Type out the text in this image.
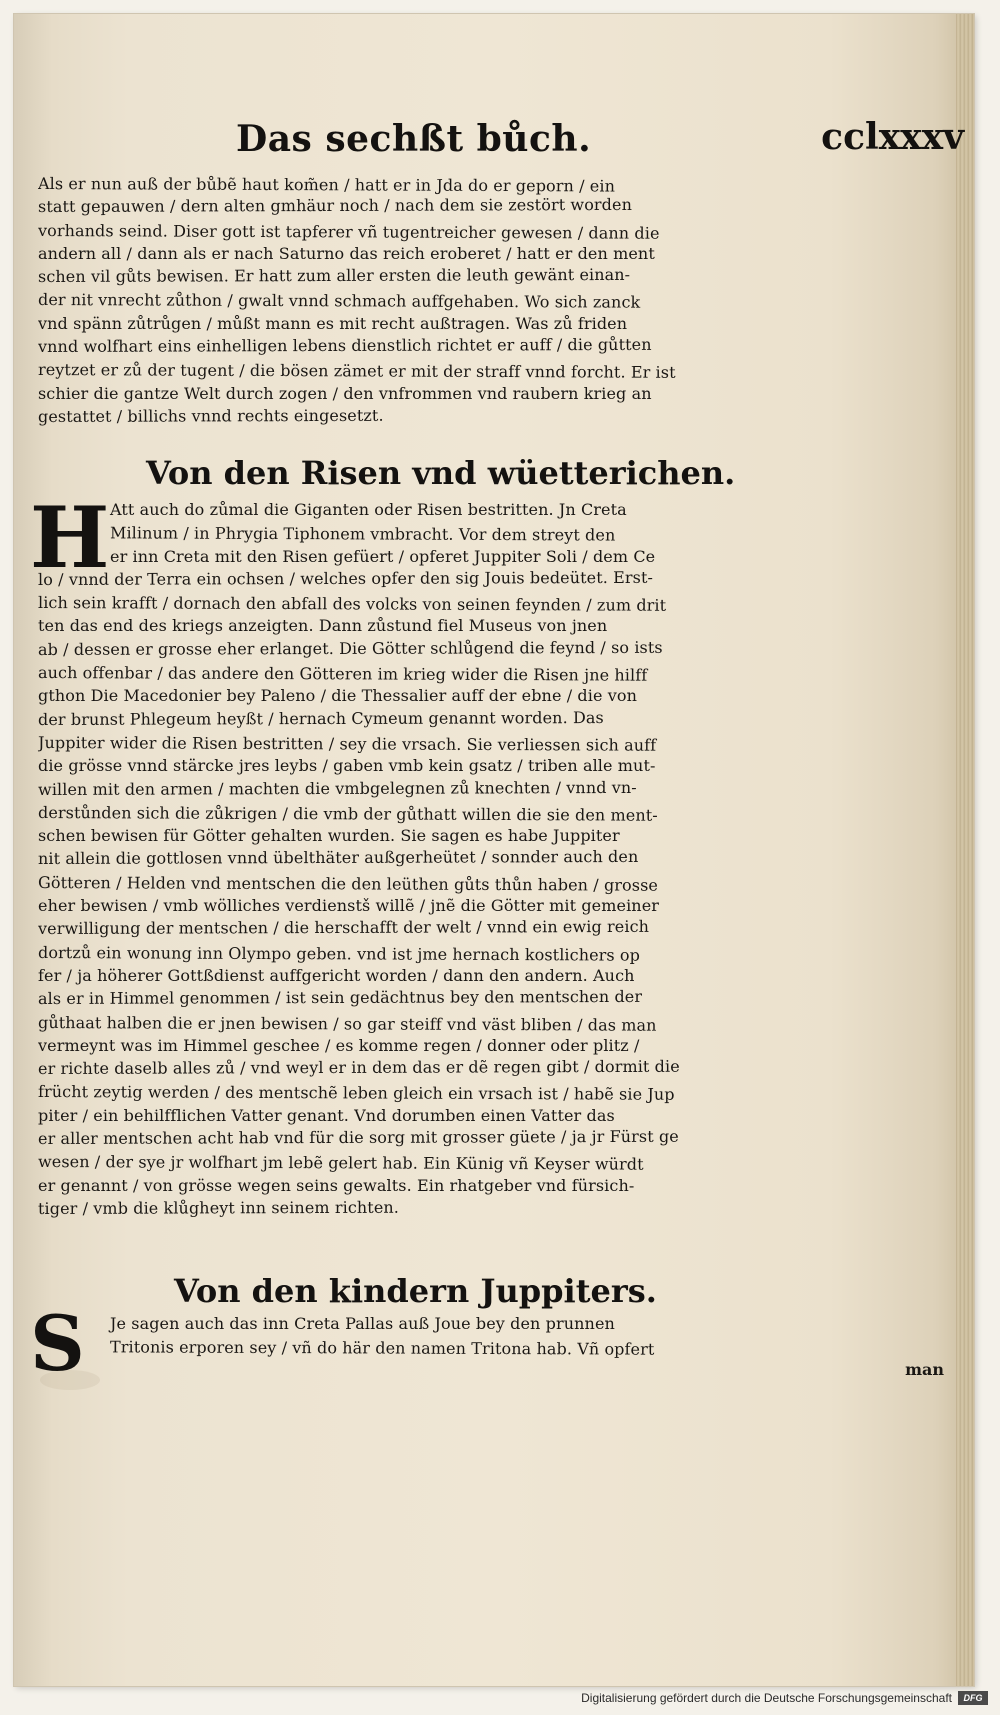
Das sechßt bůch.	cclxxxv
Als er nun auß der bůbẽ haut kom̃en / hatt er in Jda do er geporn / ein
statt gepauwen / dern alten gmhäur noch / nach dem sie zestört worden
vorhands seind. Diser gott ist tapferer vñ tugentreicher gewesen / dann die
andern all / dann als er nach Saturno das reich eroberet / hatt er den ment
schen vil gůts bewisen. Er hatt zum aller ersten die leuth gewänt einan-
der nit vnrecht zůthon / gwalt vnnd schmach auffgehaben. Wo sich zanck
vnd spänn zůtrůgen / můßt mann es mit recht außtragen. Was zů friden
vnnd wolfhart eins einhelligen lebens dienstlich richtet er auff / die gůtten
reytzet er zů der tugent / die bösen zämet er mit der straff vnnd forcht. Er ist
schier die gantze Welt durch zogen / den vnfrommen vnd raubern krieg an
gestattet / billichs vnnd rechts eingesetzt.
Von den Risen vnd wüetterichen.
H Att auch do zůmal die Giganten oder Risen bestritten. Jn Creta
Milinum / in Phrygia Tiphonem vmbracht. Vor dem streyt den
er inn Creta mit den Risen gefüert / opferet Juppiter Soli / dem Ce
lo / vnnd der Terra ein ochsen / welches opfer den sig Jouis bedeütet. Erst-
lich sein krafft / dornach den abfall des volcks von seinen feynden / zum drit
ten das end des kriegs anzeigten. Dann zůstund fiel Museus von jnen
ab / dessen er grosse eher erlanget. Die Götter schlůgend die feynd / so ists
auch offenbar / das andere den Götteren im krieg wider die Risen jne hilff
gthon Die Macedonier bey Paleno / die Thessalier auff der ebne / die von
der brunst Phlegeum heyßt / hernach Cymeum genannt worden. Das
Juppiter wider die Risen bestritten / sey die vrsach. Sie verliessen sich auff
die grösse vnnd stärcke jres leybs / gaben vmb kein gsatz / triben alle mut-
willen mit den armen / machten die vmbgelegnen zů knechten / vnnd vn-
derstůnden sich die zůkrigen / die vmb der gůthatt willen die sie den ment-
schen bewisen für Götter gehalten wurden. Sie sagen es habe Juppiter
nit allein die gottlosen vnnd übelthäter außgerheütet / sonnder auch den
Götteren / Helden vnd mentschen die den leüthen gůts thůn haben / grosse
eher bewisen / vmb wölliches verdienstš willẽ / jnẽ die Götter mit gemeiner
verwilligung der mentschen / die herschafft der welt / vnnd ein ewig reich
dortzů ein wonung inn Olympo geben. vnd ist jme hernach kostlichers op
fer / ja höherer Gottßdienst auffgericht worden / dann den andern. Auch
als er in Himmel genommen / ist sein gedächtnus bey den mentschen der
gůthaat halben die er jnen bewisen / so gar steiff vnd väst bliben / das man
vermeynt was im Himmel geschee / es komme regen / donner oder plitz /
er richte daselb alles zů / vnd weyl er in dem das er dẽ regen gibt / dormit die
frücht zeytig werden / des mentschẽ leben gleich ein vrsach ist / habẽ sie Jup
piter / ein behilfflichen Vatter genant. Vnd dorumben einen Vatter das
er aller mentschen acht hab vnd für die sorg mit grosser güete / ja jr Fürst ge
wesen / der sye jr wolfhart jm lebẽ gelert hab. Ein Künig vñ Keyser würdt
er genannt / von grösse wegen seins gewalts. Ein rhatgeber vnd fürsich-
tiger / vmb die klůgheyt inn seinem richten.
Von den kindern Juppiters.
S	Je sagen auch das inn Creta Pallas auß Joue bey den prunnen
Tritonis erporen sey / vñ do här den namen Tritona hab. Vñ opfert
man
Digitalisierung gefördert durch die Deutsche Forschungsgemeinschaft	DFG
